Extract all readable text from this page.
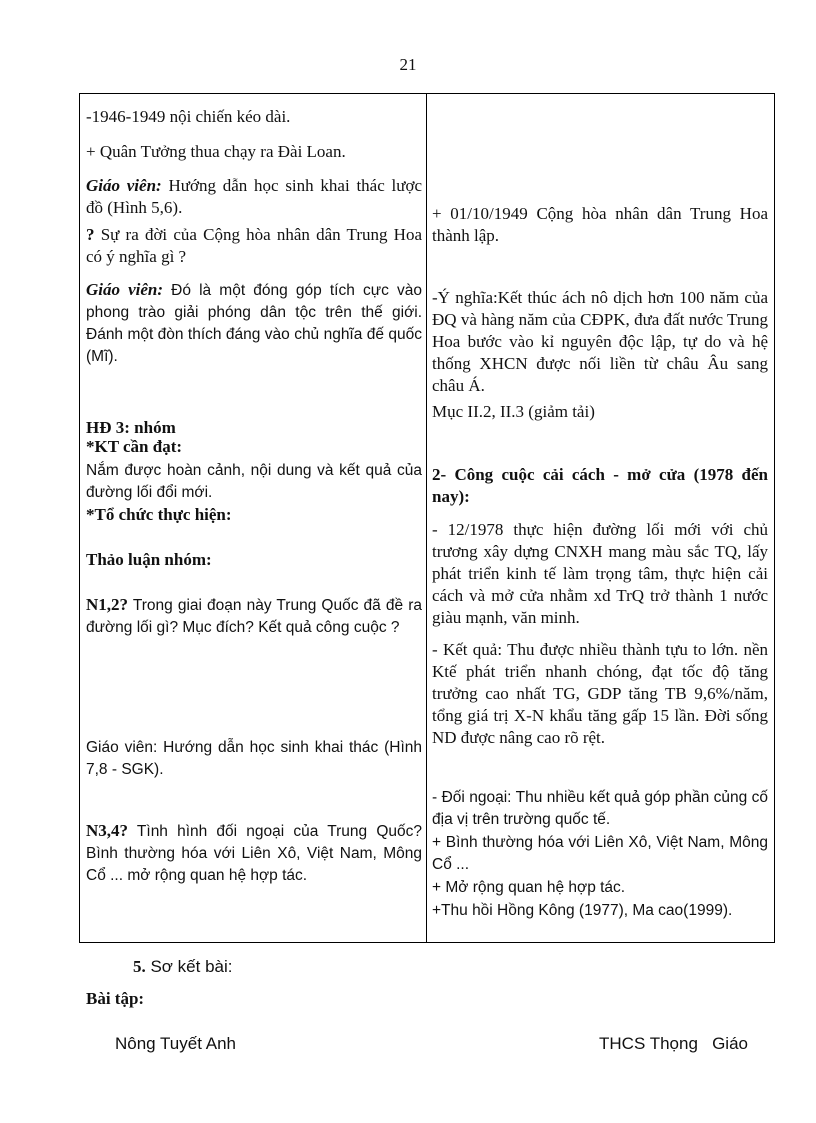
21

-1946-1949 nội chiến kéo dài.

+ Quân Tưởng thua chạy ra Đài Loan.

Giáo viên: Hướng dẫn học sinh khai thác lược đồ (Hình 5,6).

? Sự ra đời của Cộng hòa nhân dân Trung Hoa có ý nghĩa gì ?

Giáo viên: Đó là một đóng góp tích cực vào phong trào giải phóng dân tộc trên thế giới. Đánh một đòn thích đáng vào chủ nghĩa đế quốc (Mĩ).

HĐ 3: nhóm

*KT cần đạt:

Nắm được hoàn cảnh, nội dung và kết quả của đường lối đổi mới.

*Tổ chức thực hiện:

Thảo luận nhóm:

N1,2? Trong giai đoạn này Trung Quốc đã đề ra đường lối gì? Mục đích? Kết quả công cuộc ?

Giáo viên: Hướng dẫn học sinh khai thác (Hình 7,8 - SGK).

N3,4? Tình hình đối ngoại của Trung Quốc? Bình thường hóa với Liên Xô, Việt Nam, Mông Cổ ... mở rộng quan hệ hợp tác.

+ 01/10/1949 Cộng hòa nhân dân Trung Hoa thành lập.

-Ý nghĩa:Kết thúc ách nô dịch hơn 100 năm của ĐQ và hàng năm của CĐPK, đưa đất nước Trung Hoa bước vào kỉ nguyên độc lập, tự do và hệ thống XHCN được nối liền từ châu Âu sang châu Á.

Mục II.2, II.3 (giảm tải)

2- Công cuộc cải cách - mở cửa (1978 đến nay):

- 12/1978 thực hiện đường lối mới với chủ trương xây dựng CNXH mang màu sắc TQ, lấy phát triển kinh tế làm trọng tâm, thực hiện cải cách và mở cửa nhằm xd TrQ trở thành 1 nước giàu mạnh, văn minh.

- Kết quả: Thu được nhiều thành tựu to lớn. nền Ktế phát triển nhanh chóng, đạt tốc độ tăng trưởng cao nhất TG, GDP tăng TB 9,6%/năm, tổng giá trị X-N khẩu tăng gấp 15 lần. Đời sống ND được nâng cao rõ rệt.

- Đối ngoại: Thu nhiều kết quả góp phần củng cố địa vị trên trường quốc tế.

+ Bình thường hóa với Liên Xô, Việt Nam, Mông Cổ ...

+ Mở rộng quan hệ hợp tác.

+Thu hồi Hồng Kông (1977), Ma cao(1999).

5. Sơ kết bài:
Bài tập:
Nông Tuyết Anh	THCS Thọng   Giáo
